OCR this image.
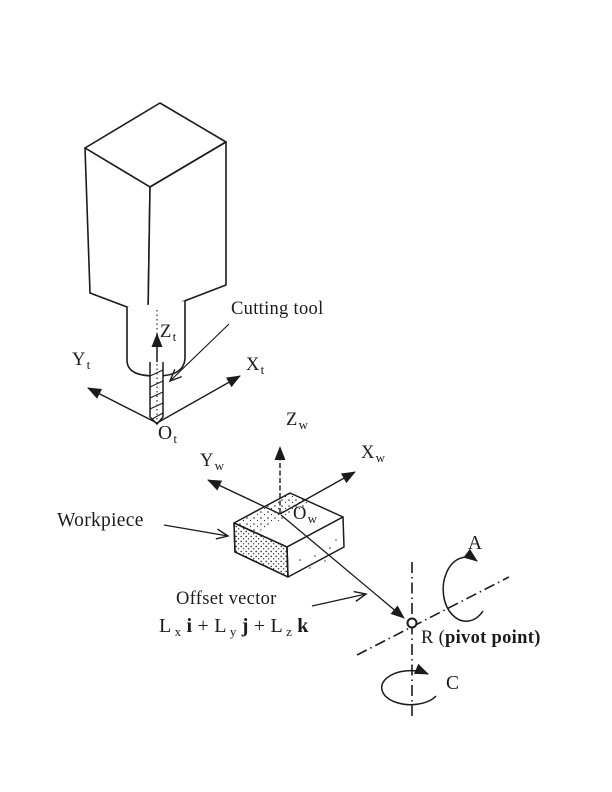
Cutting tool
$Z_t$
$Y_t$	$X_t$
$O_t$
$Z_w$
$Y_w$
$X_w$
$O_w$
Workpiece
Offset vector
L $_x$ i + L $_y$ j + L $_z$ k
R (pivot point)
A
C
